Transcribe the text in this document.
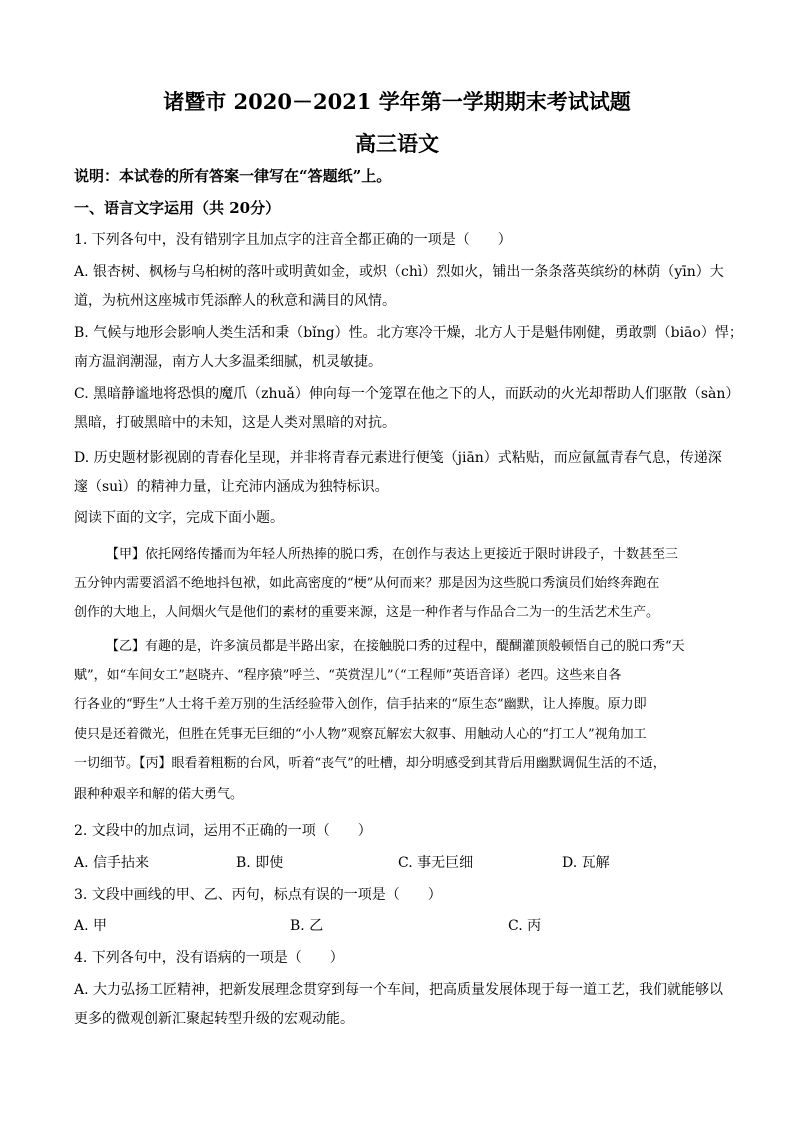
诸暨市 2020－2021 学年第一学期期末考试试题
高三语文
说明：本试卷的所有答案一律写在“答题纸”上。
一、语言文字运用（共 20分）
1. 下列各句中，没有错别字且加点字的注音全都正确的一项是（　　）
A. 银杏树、枫杨与乌桕树的落叶或明黄如金，或炽（chì）烈如火，铺出一条条落英缤纷的林荫（yīn）大
道，为杭州这座城市凭添醉人的秋意和满目的风情。
B. 气候与地形会影响人类生活和秉（bǐng）性。北方寒冷干燥，北方人于是魁伟刚健，勇敢剽（biāo）悍；
南方温润潮湿，南方人大多温柔细腻，机灵敏捷。
C. 黑暗静谧地将恐惧的魔爪（zhuǎ）伸向每一个笼罩在他之下的人，而跃动的火光却帮助人们驱散（sàn）
黑暗，打破黑暗中的未知，这是人类对黑暗的对抗。
D. 历史题材影视剧的青春化呈现，并非将青春元素进行便笺（jiān）式粘贴，而应氤氲青春气息，传递深
邃（suì）的精神力量，让充沛内涵成为独特标识。
阅读下面的文字，完成下面小题。
【甲】依托网络传播而为年轻人所热捧的脱口秀，在创作与表达上更接近于限时讲段子，十数甚至三
五分钟内需要滔滔不绝地抖包袱，如此高密度的“梗”从何而来？那是因为这些脱口秀演员们始终奔跑在
创作的大地上，人间烟火气是他们的素材的重要来源，这是一种作者与作品合二为一的生活艺术生产。
【乙】有趣的是，许多演员都是半路出家，在接触脱口秀的过程中，醍醐灌顶般顿悟自己的脱口秀“天
赋”，如“车间女工”赵晓卉、“程序猿”呼兰、“英赏涅儿”（“工程师”英语音译）老四。这些来自各
行各业的“野生”人士将千差万别的生活经验带入创作，信手拈来的“原生态”幽默，让人捧腹。原力即
使只是还着微光，但胜在凭事无巨细的“小人物”观察瓦解宏大叙事、用触动人心的“打工人”视角加工
一切细节。【丙】眼看着粗粝的台风，听着“丧气”的吐槽，却分明感受到其背后用幽默调侃生活的不适，
跟种种艰辛和解的偌大勇气。
2. 文段中的加点词，运用不正确的一项（　　）
A. 信手拈来	B. 即使	C. 事无巨细	D. 瓦解
3. 文段中画线的甲、乙、丙句，标点有误的一项是（　　）
A. 甲	B. 乙	C. 丙
4. 下列各句中，没有语病的一项是（　　）
A. 大力弘扬工匠精神，把新发展理念贯穿到每一个车间，把高质量发展体现于每一道工艺，我们就能够以
更多的微观创新汇聚起转型升级的宏观动能。
